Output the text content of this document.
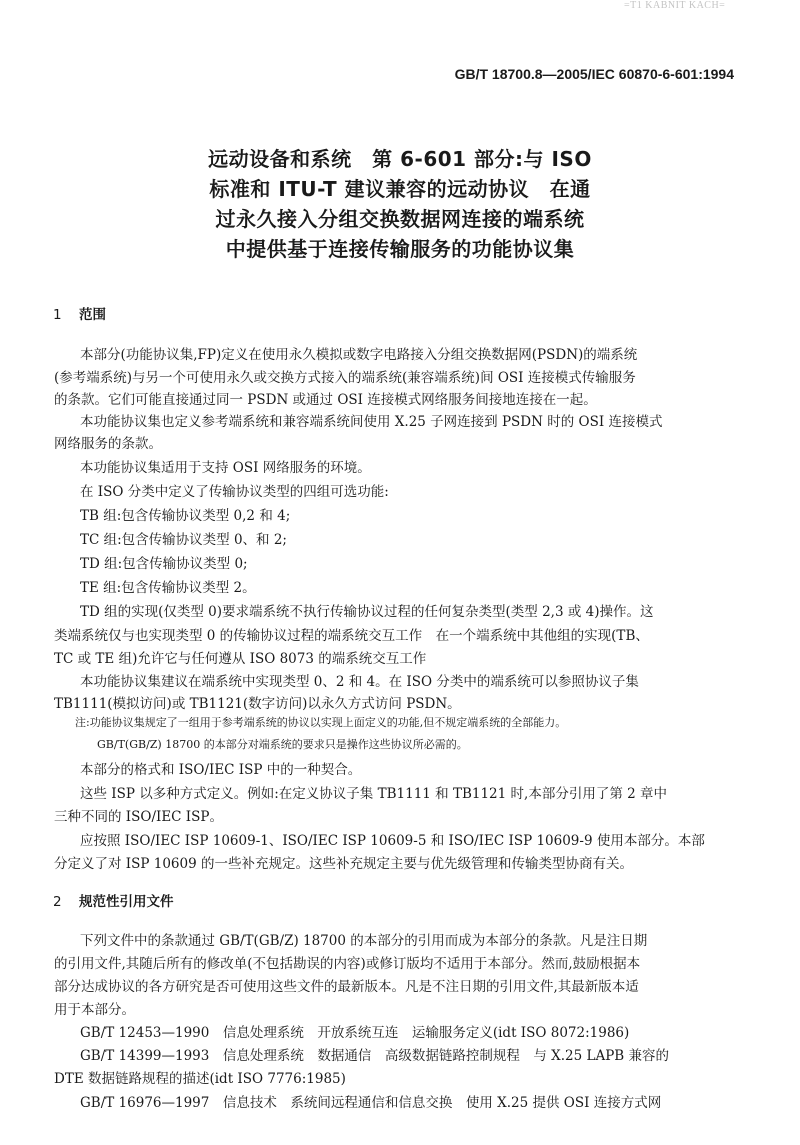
=T1 KABNIT KACH=
GB/T 18700.8—2005/IEC 60870-6-601:1994
远动设备和系统　第 6-601 部分:与 ISO
标准和 ITU-T 建议兼容的远动协议　在通
过永久接入分组交换数据网连接的端系统
中提供基于连接传输服务的功能协议集
1 范围
本部分(功能协议集,FP)定义在使用永久模拟或数字电路接入分组交换数据网(PSDN)的端系统
(参考端系统)与另一个可使用永久或交换方式接入的端系统(兼容端系统)间 OSI 连接模式传输服务
的条款。它们可能直接通过同一 PSDN 或通过 OSI 连接模式网络服务间接地连接在一起。
本功能协议集也定义参考端系统和兼容端系统间使用 X.25 子网连接到 PSDN 时的 OSI 连接模式
网络服务的条款。
本功能协议集适用于支持 OSI 网络服务的环境。
在 ISO 分类中定义了传输协议类型的四组可选功能:
TB 组:包含传输协议类型 0,2 和 4;
TC 组:包含传输协议类型 0、和 2;
TD 组:包含传输协议类型 0;
TE 组:包含传输协议类型 2。
TD 组的实现(仅类型 0)要求端系统不执行传输协议过程的任何复杂类型(类型 2,3 或 4)操作。这
类端系统仅与也实现类型 0 的传输协议过程的端系统交互工作　在一个端系统中其他组的实现(TB、
TC 或 TE 组)允许它与任何遵从 ISO 8073 的端系统交互工作
本功能协议集建议在端系统中实现类型 0、2 和 4。在 ISO 分类中的端系统可以参照协议子集
TB1111(模拟访问)或 TB1121(数字访问)以永久方式访问 PSDN。
注:功能协议集规定了一组用于参考端系统的协议以实现上面定义的功能,但不规定端系统的全部能力。
GB/T(GB/Z) 18700 的本部分对端系统的要求只是操作这些协议所必需的。
本部分的格式和 ISO/IEC ISP 中的一种契合。
这些 ISP 以多种方式定义。例如:在定义协议子集 TB1111 和 TB1121 时,本部分引用了第 2 章中
三种不同的 ISO/IEC ISP。
应按照 ISO/IEC ISP 10609-1、ISO/IEC ISP 10609-5 和 ISO/IEC ISP 10609-9 使用本部分。本部
分定义了对 ISP 10609 的一些补充规定。这些补充规定主要与优先级管理和传输类型协商有关。
2 规范性引用文件
下列文件中的条款通过 GB/T(GB/Z) 18700 的本部分的引用而成为本部分的条款。凡是注日期
的引用文件,其随后所有的修改单(不包括勘误的内容)或修订版均不适用于本部分。然而,鼓励根据本
部分达成协议的各方研究是否可使用这些文件的最新版本。凡是不注日期的引用文件,其最新版本适
用于本部分。
GB/T 12453—1990　信息处理系统　开放系统互连　运输服务定义(idt ISO 8072:1986)
GB/T 14399—1993　信息处理系统　数据通信　高级数据链路控制规程　与 X.25 LAPB 兼容的
DTE 数据链路规程的描述(idt ISO 7776:1985)
GB/T 16976—1997　信息技术　系统间远程通信和信息交换　使用 X.25 提供 OSI 连接方式网
